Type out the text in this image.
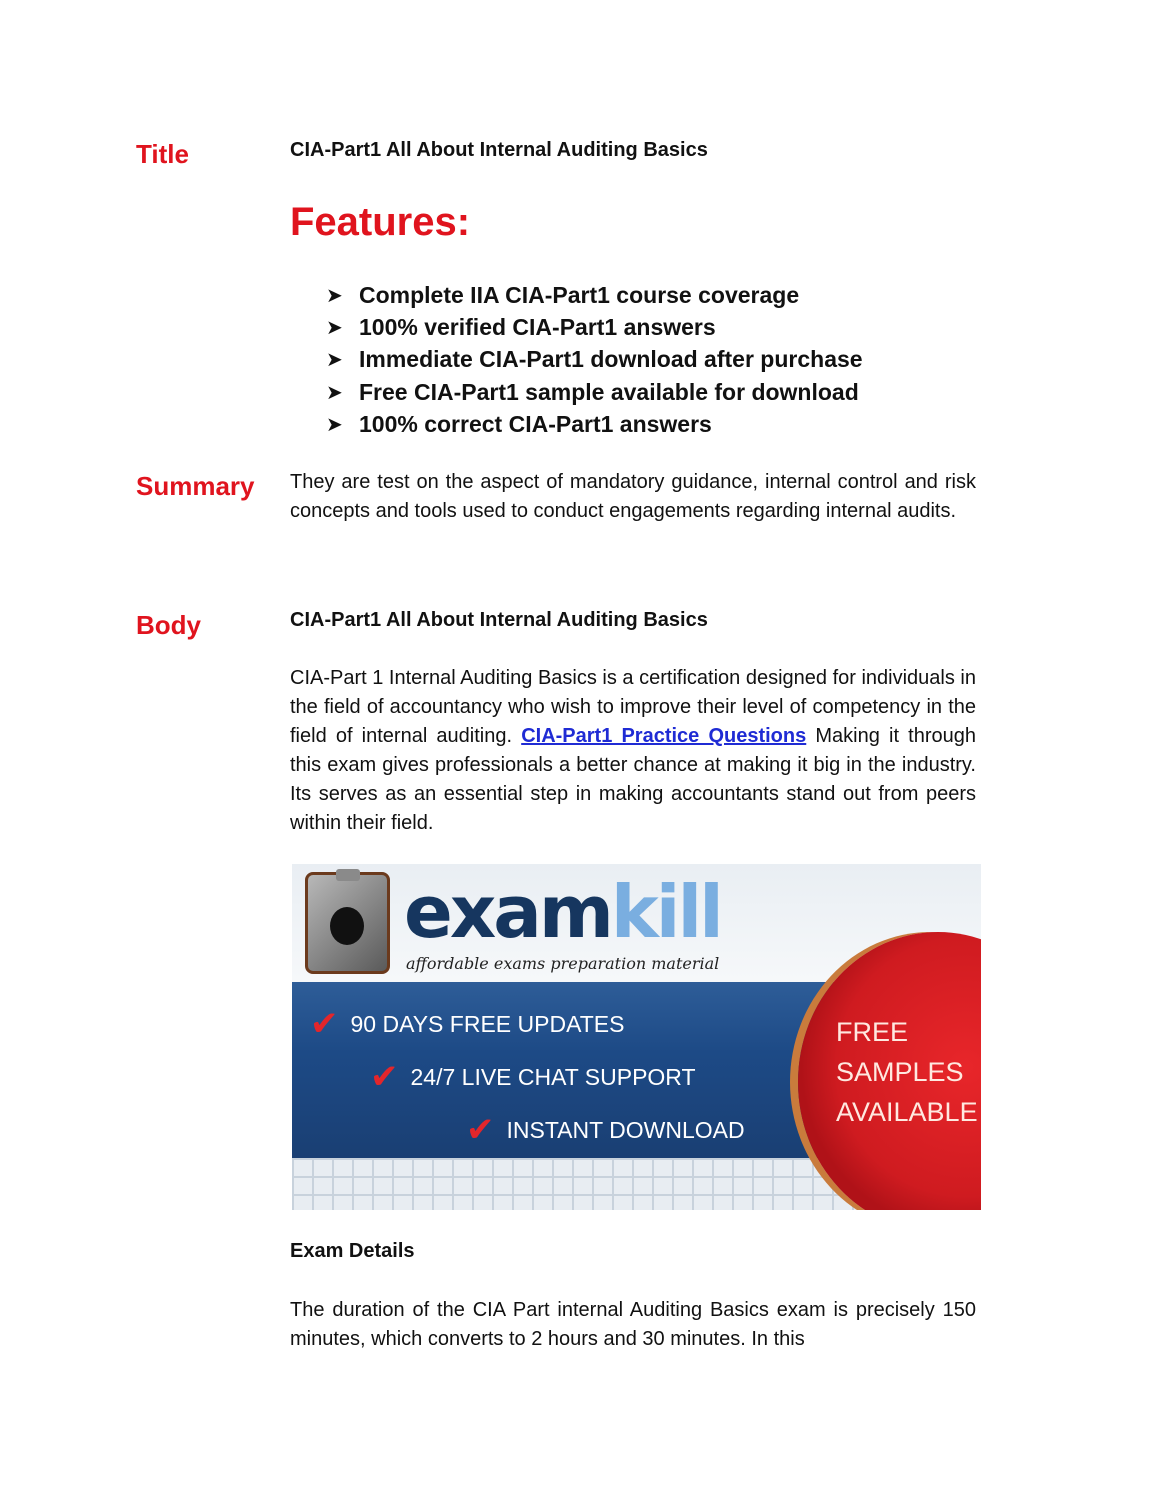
Title	CIA-Part1 All About Internal Auditing Basics
Features:
➤ Complete IIA CIA-Part1 course coverage
➤ 100% verified CIA-Part1 answers
➤ Immediate CIA-Part1 download after purchase
➤ Free CIA-Part1 sample available for download
➤ 100% correct CIA-Part1 answers
Summary They are test on the aspect of mandatory guidance, internal control and risk concepts and tools used to conduct engagements regarding internal audits.
Body	CIA-Part1 All About Internal Auditing Basics
CIA-Part 1 Internal Auditing Basics is a certification designed for individuals in the field of accountancy who wish to improve their level of competency in the field of internal auditing. CIA-Part1 Practice Questions Making it through this exam gives professionals a better chance at making it big in the industry. Its serves as an essential step in making accountants stand out from peers within their field.
examkill
affordable exams preparation material
✔ 90 DAYS FREE UPDATES
✔ 24/7 LIVE CHAT SUPPORT
✔ INSTANT DOWNLOAD
FREE
SAMPLES
AVAILABLE
Exam Details
The duration of the CIA Part internal Auditing Basics exam is precisely 150 minutes, which converts to 2 hours and 30 minutes. In this
